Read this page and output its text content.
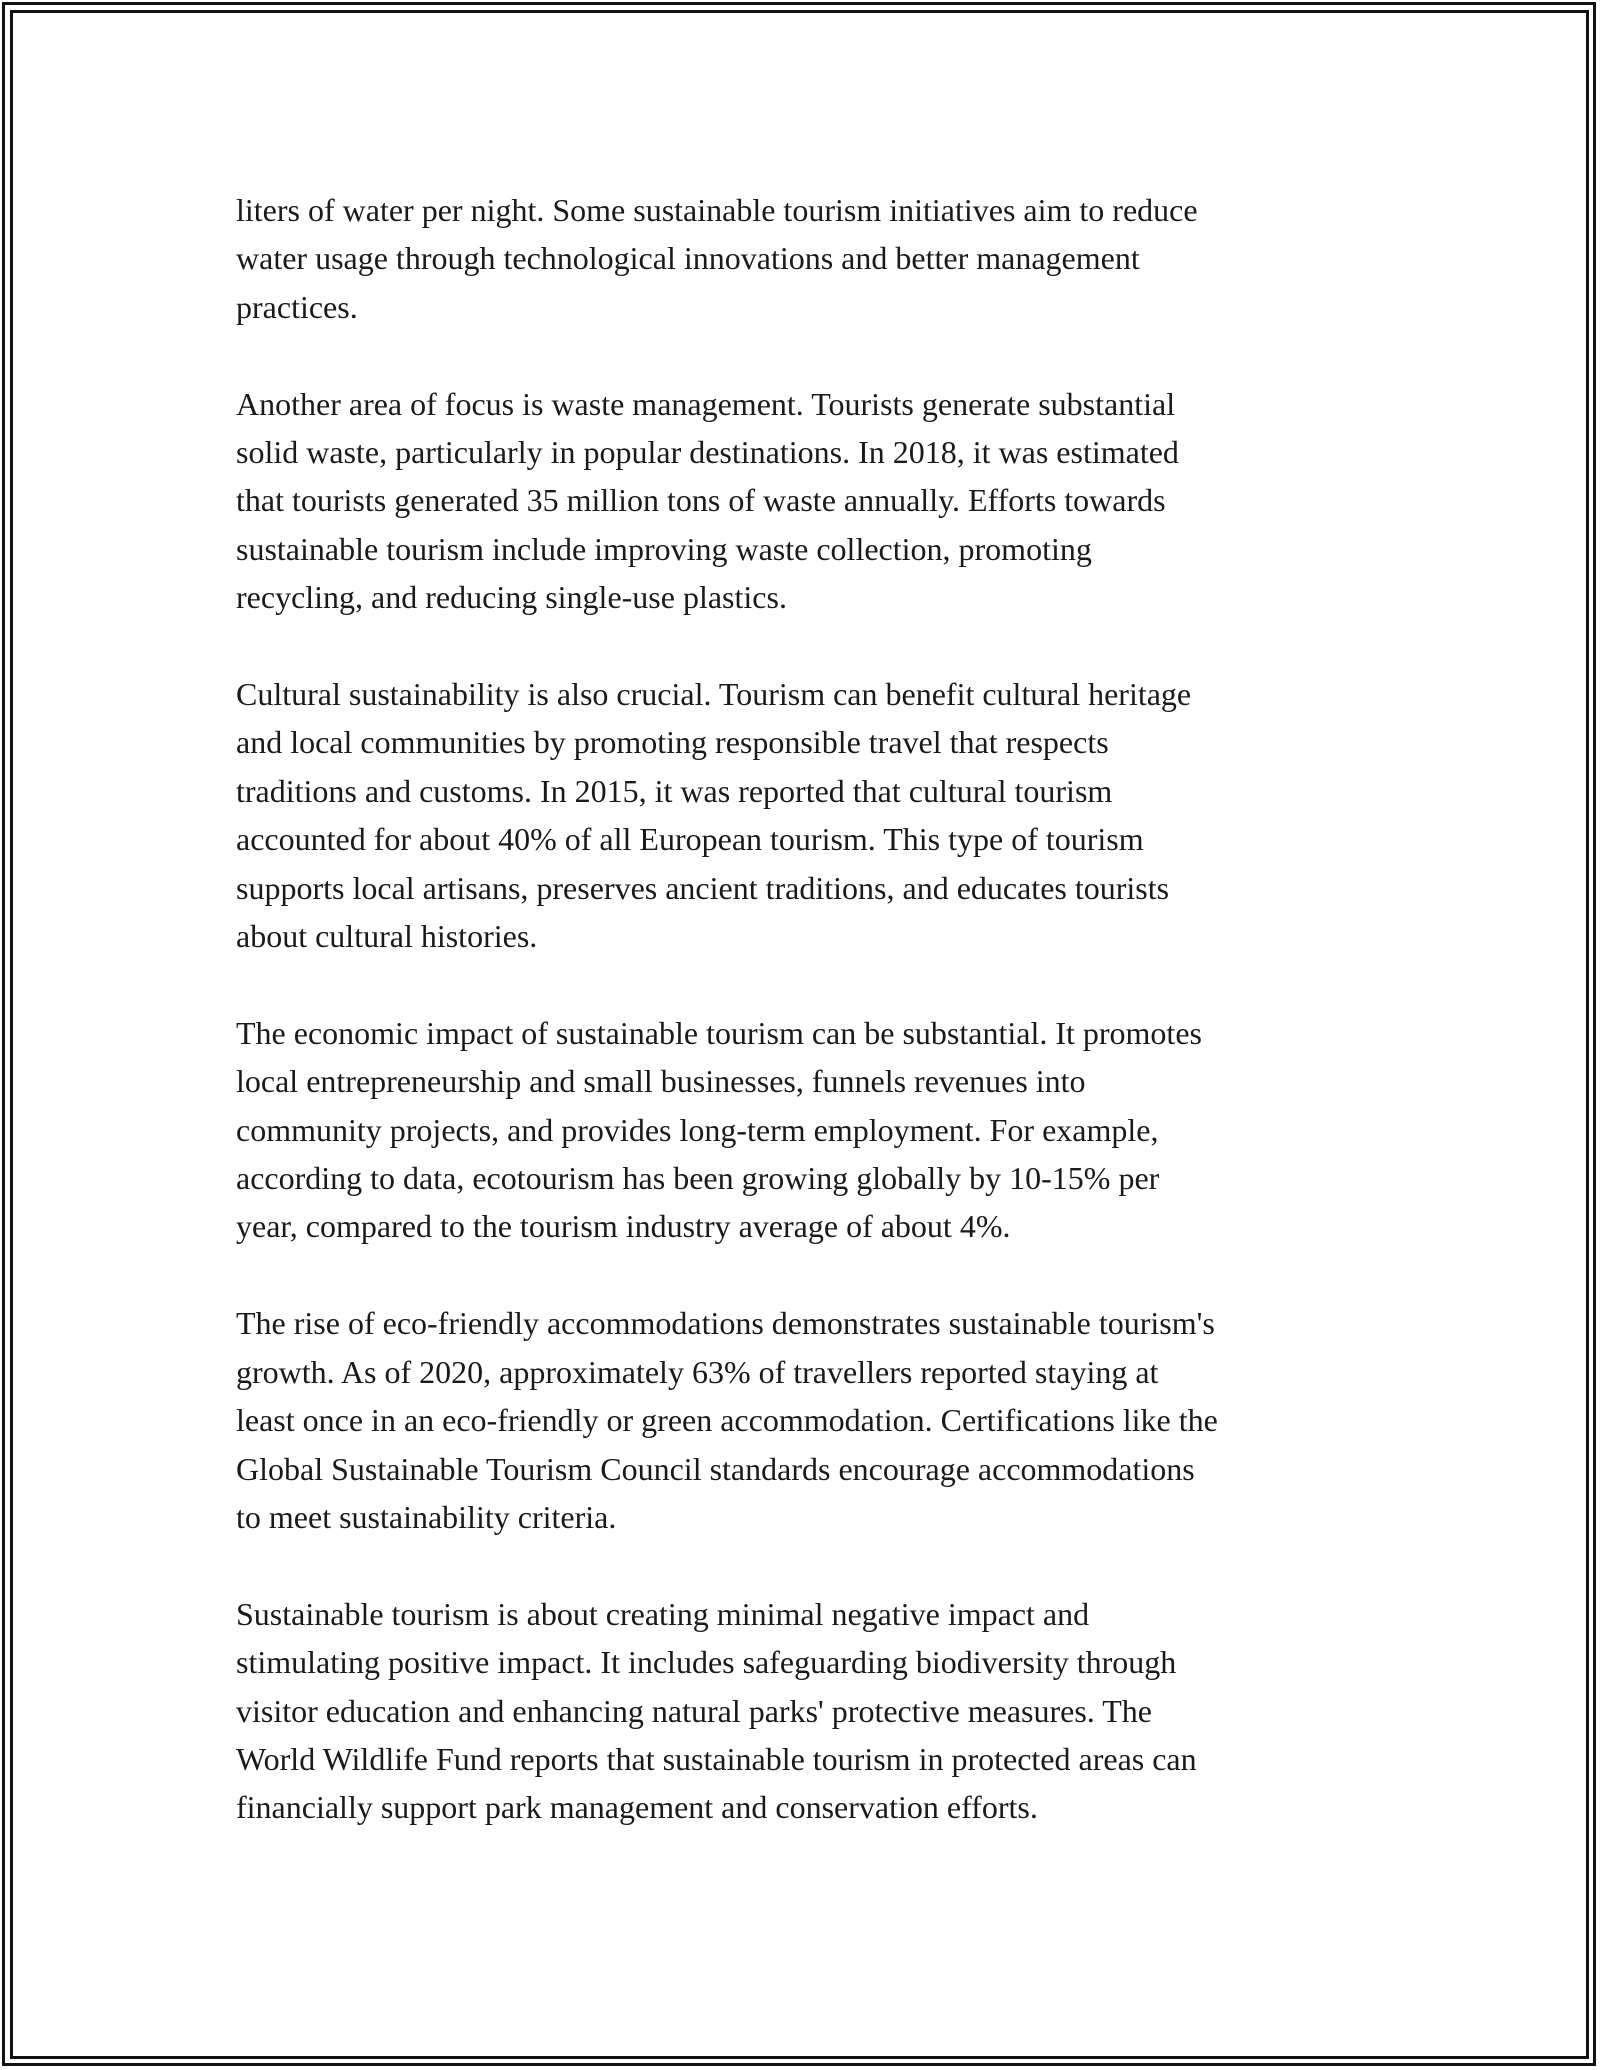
liters of water per night. Some sustainable tourism initiatives aim to reduce
water usage through technological innovations and better management
practices.

Another area of focus is waste management. Tourists generate substantial
solid waste, particularly in popular destinations. In 2018, it was estimated
that tourists generated 35 million tons of waste annually. Efforts towards
sustainable tourism include improving waste collection, promoting
recycling, and reducing single-use plastics.

Cultural sustainability is also crucial. Tourism can benefit cultural heritage
and local communities by promoting responsible travel that respects
traditions and customs. In 2015, it was reported that cultural tourism
accounted for about 40% of all European tourism. This type of tourism
supports local artisans, preserves ancient traditions, and educates tourists
about cultural histories.

The economic impact of sustainable tourism can be substantial. It promotes
local entrepreneurship and small businesses, funnels revenues into
community projects, and provides long-term employment. For example,
according to data, ecotourism has been growing globally by 10-15% per
year, compared to the tourism industry average of about 4%.

The rise of eco-friendly accommodations demonstrates sustainable tourism's
growth. As of 2020, approximately 63% of travellers reported staying at
least once in an eco-friendly or green accommodation. Certifications like the
Global Sustainable Tourism Council standards encourage accommodations
to meet sustainability criteria.

Sustainable tourism is about creating minimal negative impact and
stimulating positive impact. It includes safeguarding biodiversity through
visitor education and enhancing natural parks' protective measures. The
World Wildlife Fund reports that sustainable tourism in protected areas can
financially support park management and conservation efforts.
